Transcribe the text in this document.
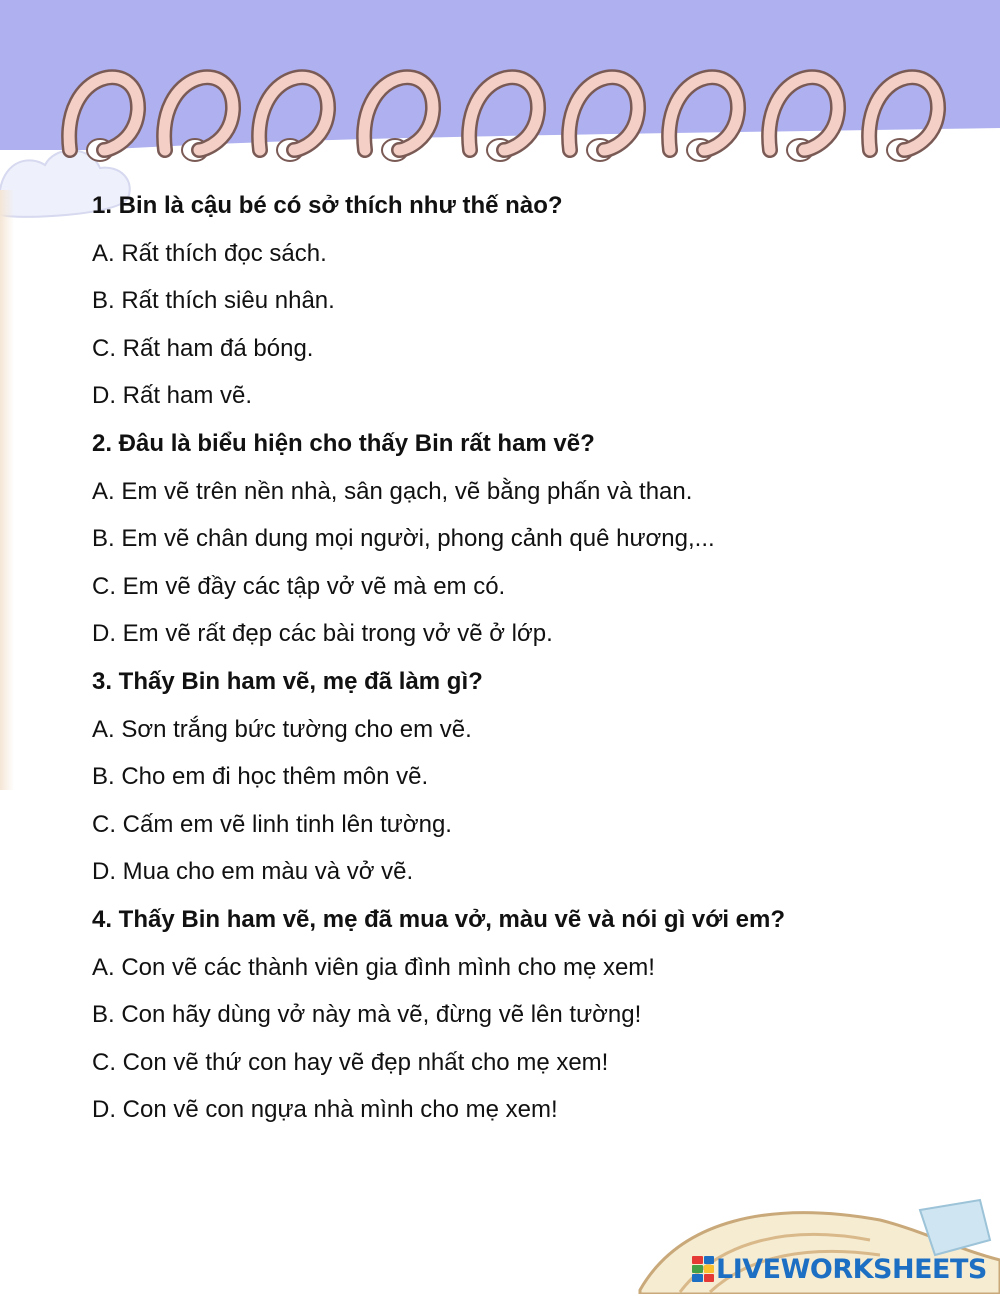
1. Bin là cậu bé có sở thích như thế nào?
A. Rất thích đọc sách.
B. Rất thích siêu nhân.
C. Rất ham đá bóng.
D. Rất ham vẽ.
2. Đâu là biểu hiện cho thấy Bin rất ham vẽ?
A. Em vẽ trên nền nhà, sân gạch, vẽ bằng phấn và than.
B. Em vẽ chân dung mọi người, phong cảnh quê hương,...
C. Em vẽ đầy các tập vở vẽ mà em có.
D. Em vẽ rất đẹp các bài trong vở vẽ ở lớp.
3. Thấy Bin ham vẽ, mẹ đã làm gì?
A. Sơn trắng bức tường cho em vẽ.
B. Cho em đi học thêm môn vẽ.
C. Cấm em vẽ linh tinh lên tường.
D. Mua cho em màu và vở vẽ.
4. Thấy Bin ham vẽ, mẹ đã mua vở, màu vẽ và nói gì với em?
A. Con vẽ các thành viên gia đình mình cho mẹ xem!
B. Con hãy dùng vở này mà vẽ, đừng vẽ lên tường!
C. Con vẽ thứ con hay vẽ đẹp nhất cho mẹ xem!
D. Con vẽ con ngựa nhà mình cho mẹ xem!
LIVEWORKSHEETS
